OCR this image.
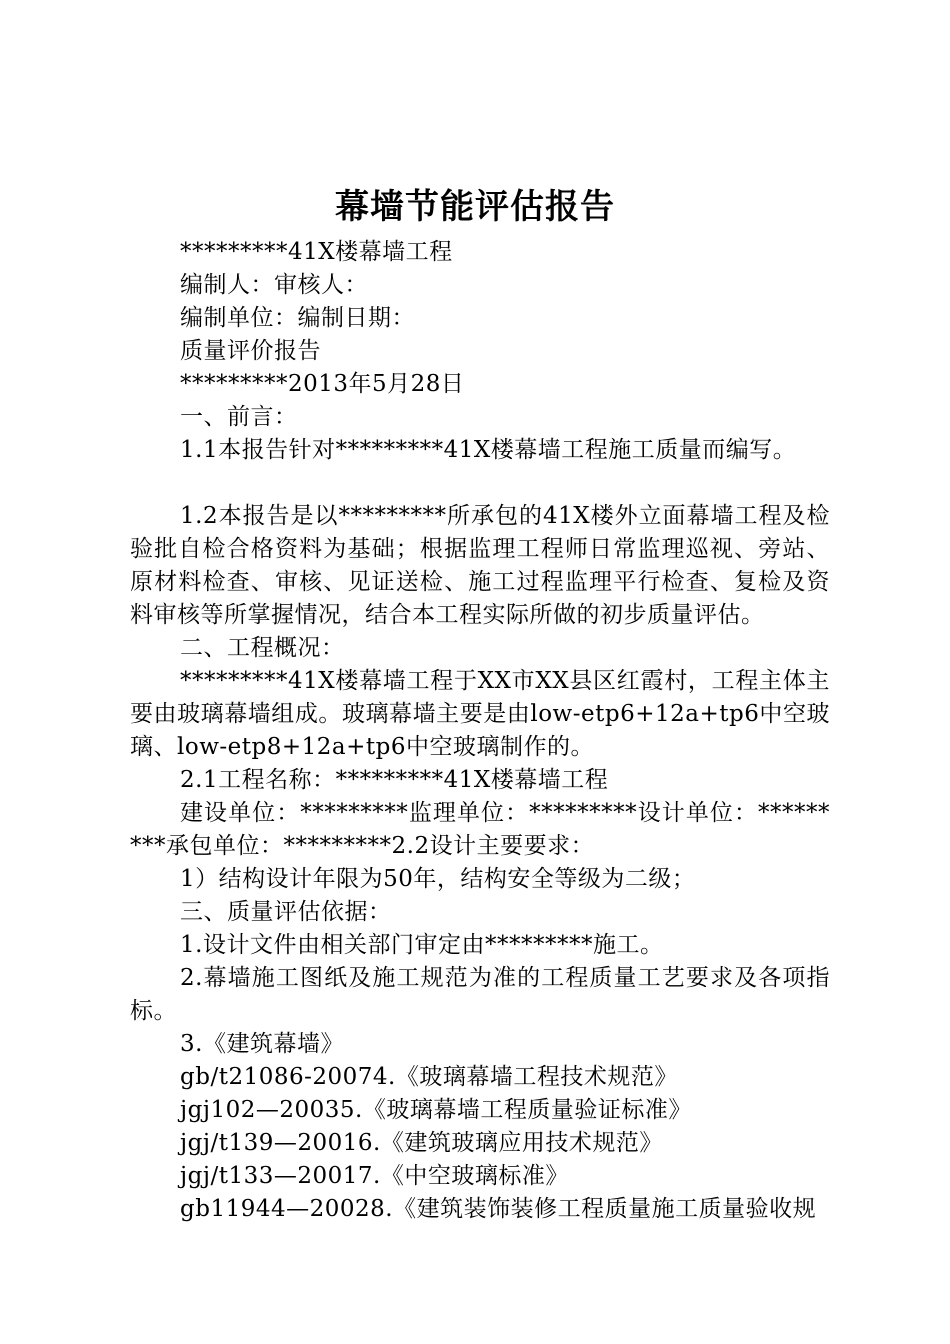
幕墙节能评估报告

*********41X楼幕墙工程

编制人：审核人：

编制单位：编制日期：

质量评价报告

*********2013年5月28日

一、前言：

1.1本报告针对*********41X楼幕墙工程施工质量而编写。

1.2本报告是以*********所承包的41X楼外立面幕墙工程及检验批自检合格资料为基础；根据监理工程师日常监理巡视、旁站、原材料检查、审核、见证送检、施工过程监理平行检查、复检及资料审核等所掌握情况，结合本工程实际所做的初步质量评估。

二、工程概况：

*********41X楼幕墙工程于XX市XX县区红霞村，工程主体主要由玻璃幕墙组成。玻璃幕墙主要是由low-etp6+12a+tp6中空玻璃、low-etp8+12a+tp6中空玻璃制作的。

2.1工程名称：*********41X楼幕墙工程

建设单位：*********监理单位：*********设计单位：*********承包单位：*********2.2设计主要要求：

1）结构设计年限为50年，结构安全等级为二级；

三、质量评估依据：

1.设计文件由相关部门审定由*********施工。

2.幕墙施工图纸及施工规范为准的工程质量工艺要求及各项指标。

3.《建筑幕墙》

gb/t21086-20074.《玻璃幕墙工程技术规范》

jgj102—20035.《玻璃幕墙工程质量验证标准》

jgj/t139—20016.《建筑玻璃应用技术规范》

jgj/t133—20017.《中空玻璃标准》

gb11944—20028.《建筑装饰装修工程质量施工质量验收规
